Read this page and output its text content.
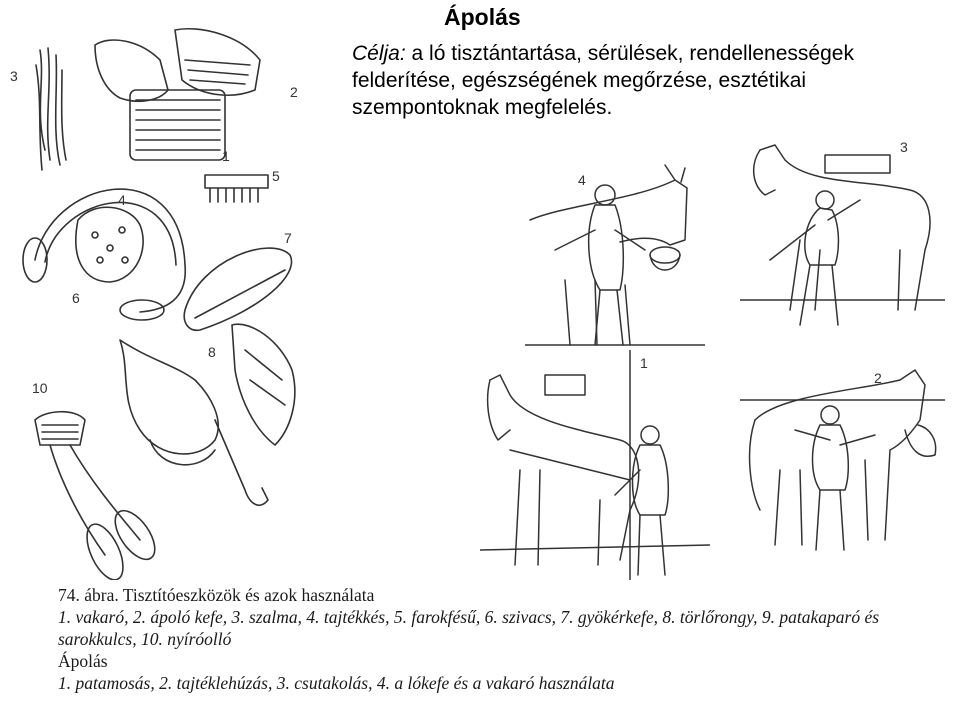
Ápolás
Célja: a ló tisztántartása, sérülések, rendellenességek felderítése, egészségének megőrzése, esztétikai szempontoknak megfelelés.
3
2
1
5
4
7
6
8
10
4
3
1
2
74. ábra. Tisztítóeszközök és azok használata
1. vakaró, 2. ápoló kefe, 3. szalma, 4. tajtékkés, 5. farokfésű, 6. szivacs, 7. gyökérkefe, 8. törlőrongy, 9. patakaparó és sarokkulcs, 10. nyíróolló
Ápolás
1. patamosás, 2. tajtéklehúzás, 3. csutakolás, 4. a lókefe és a vakaró használata
